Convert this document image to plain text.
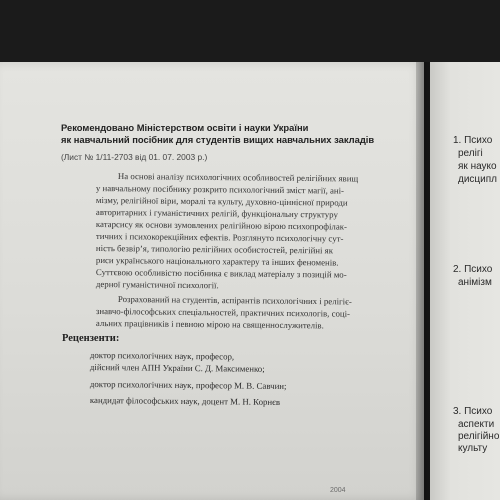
Рекомендовано Міністерством освіти і науки України
як навчальний посібник для студентів вищих навчальних закладів
(Лист № 1/11-2703 від 01. 07. 2003 р.)
На основі аналізу психологічних особливостей релігійних явищ
у навчальному посібнику розкрито психологічний зміст магії, ані-
мізму, релігійної віри, моралі та культу, духовно-ціннісної природи
авторитарних і гуманістичних релігій, функціональну структуру
катарсису як основи зумовлених релігійною вірою психопрофілак-
тичних і психокорекційних ефектів. Розглянуто психологічну сут-
ність безвір’я, типологію релігійних особистостей, релігійні як
риси українського національного характеру та інших феноменів.
Суттєвою особливістю посібника є виклад матеріалу з позицій мо-
дерної гуманістичної психології.
Розрахований на студентів, аспірантів психологічних і релігіє-
знавчо-філософських спеціальностей, практичних психологів, соці-
альних працівників і певною мірою на священнослужителів.
Рецензенти:
доктор психологічних наук, професор,
дійсний член АПН України С. Д. Максименко;
доктор психологічних наук, професор М. В. Савчин;
кандидат філософських наук, доцент М. Н. Корнєв
2004
1. Психо
релігі
як науко
дисципл
2. Психо
анімізм
3. Психо
аспекти
релігійно
культу
